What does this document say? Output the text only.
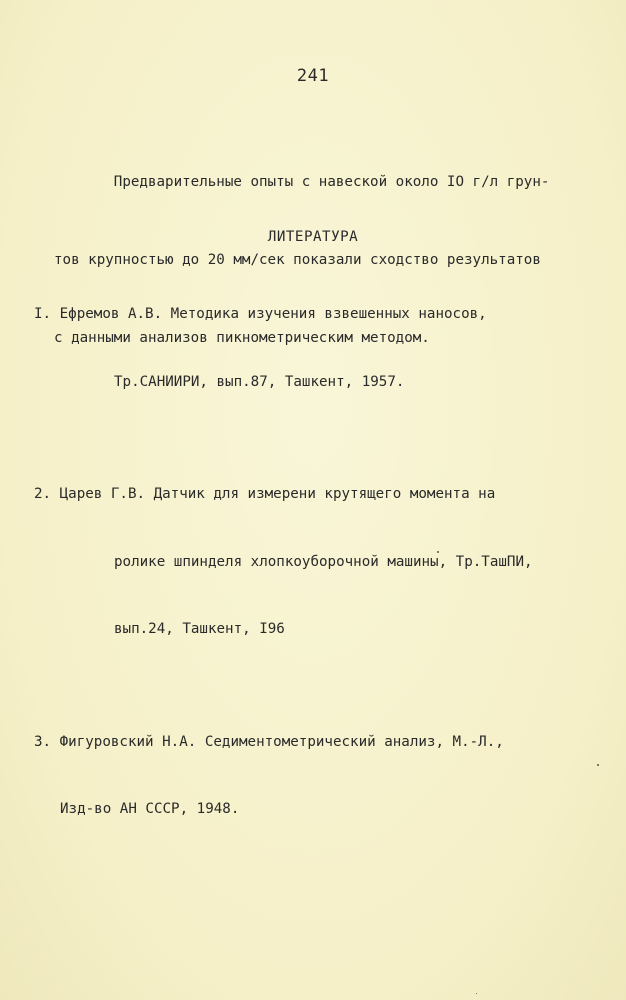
241

Предварительные опыты с навеской около IO г/л грун-

тов крупностью до 20 мм/сек показали сходство результатов

с данными анализов пикнометрическим методом.

ЛИТЕРАТУРА

I. Ефремов А.В. Методика изучения взвешенных наносов,

Тр.САНИИРИ, вып.87, Ташкент, 1957.

2. Царев Г.В. Датчик для измерени крутящего момента на

ролике шпинделя хлопкоуборочной машины, Тр.ТашПИ,

вып.24, Ташкент, I96

3. Фигуровский Н.А. Седиментометрический анализ, М.-Л.,

Изд-во АН СССР, 1948.
